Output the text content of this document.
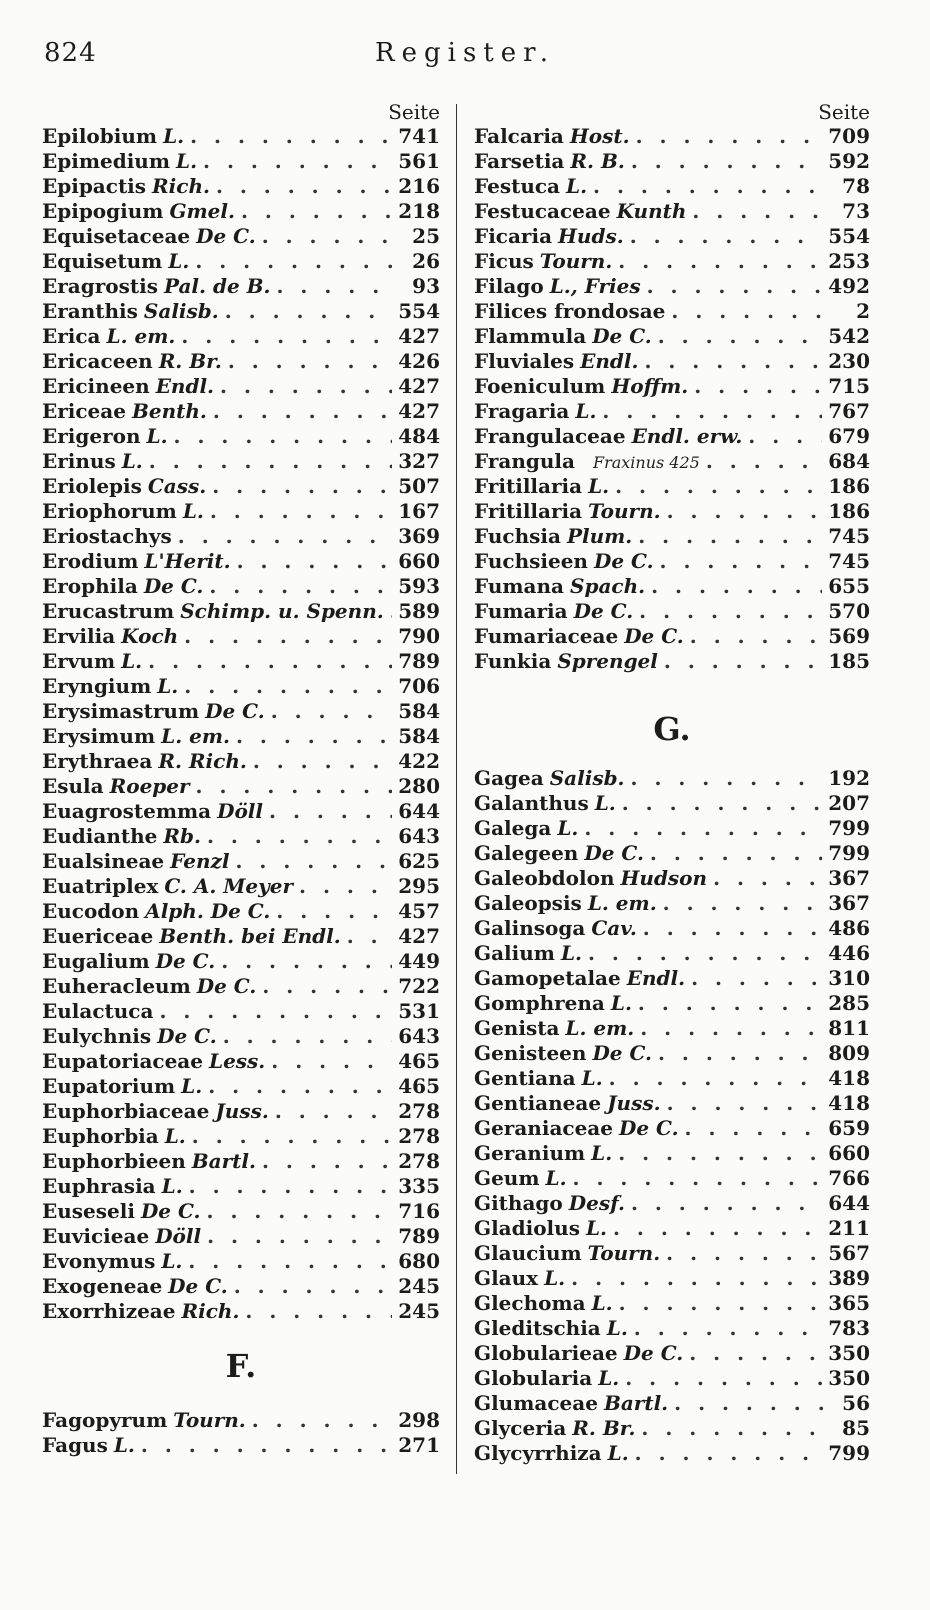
824	Register.
Seite
Epilobium L. . . .	741
Epimedium L. . . .	561
Epipactis Rich. . . .	216
Epipogium Gmel. . . .	218
Equisetaceae De C. . . .	25
Equisetum L. . . .	26
Eragrostis Pal. de B. . . .	93
Eranthis Salisb. . . .	554
Erica L. em. . . .	427
Ericaceen R. Br. . . .	426
Ericineen Endl. . . .	427
Ericeae Benth. . . .	427
Erigeron L. . . .	484
Erinus L. . . .	327
Eriolepis Cass. . . .	507
Eriophorum L. . . .	167
Eriostachys . . .	369
Erodium L'Herit. . . .	660
Erophila De C. . . .	593
Erucastrum Schimp. u. Spenn. . . . 589
Ervilia Koch . . .	790
Ervum L. . . .	789
Eryngium L. . . .	706
Erysimastrum De C. . . .	584
Erysimum L. em. . . .	584
Erythraea R. Rich. . . .	422
Esula Roeper . . .	280
Euagrostemma Döll . . .	644
Eudianthe Rb. . . .	643
Eualsineae Fenzl . . .	625
Euatriplex C. A. Meyer . . .	295
Eucodon Alph. De C. . . .	457
Euericeae Benth. bei Endl. . . .	427
Eugalium De C. . . .	449
Euheracleum De C. . . .	722
Eulactuca . . .	531
Eulychnis De C. . . .	643
Eupatoriaceae Less. . . .	465
Eupatorium L. . . .	465
Euphorbiaceae Juss. . . .	278
Euphorbia L. . . .	278
Euphorbieen Bartl. . . .	278
Euphrasia L. . . .	335
Euseseli De C. . . .	716
Euvicieae Döll . . .	789
Evonymus L. . . .	680
Exogeneae De C. . . .	245
Exorrhizeae Rich. . . .	245
F.
Fagopyrum Tourn. . . .	298
Fagus L. . . .	271
Seite
Falcaria Host. . . .	709
Farsetia R. B. . . .	592
Festuca L. . . .	78
Festucaceae Kunth . . .	73
Ficaria Huds. . . .	554
Ficus Tourn. . . .	253
Filago L., Fries . . .	492
Filices frondosae . . .	2
Flammula De C. . . .	542
Fluviales Endl. . . .	230
Foeniculum Hoffm. . . .	715
Fragaria L. . . .	767
Frangulaceae Endl. erw. . . .	679
Frangula Fraxinus 425 . . .	684
Fritillaria L. . . .	186
Fritillaria Tourn. . . .	186
Fuchsia Plum. . . .	745
Fuchsieen De C. . . .	745
Fumana Spach. . . .	655
Fumaria De C. . . .	570
Fumariaceae De C. . . .	569
Funkia Sprengel . . .	185
G.
Gagea Salisb. . . .	192
Galanthus L. . . .	207
Galega L. . . .	799
Galegeen De C. . . .	799
Galeobdolon Hudson . . .	367
Galeopsis L. em. . . .	367
Galinsoga Cav. . . .	486
Galium L. . . .	446
Gamopetalae Endl. . . .	310
Gomphrena L. . . .	285
Genista L. em. . . .	811
Genisteen De C. . . .	809
Gentiana L. . . .	418
Gentianeae Juss. . . .	418
Geraniaceae De C. . . .	659
Geranium L. . . .	660
Geum L. . . .	766
Githago Desf. . . .	644
Gladiolus L. . . .	211
Glaucium Tourn. . . .	567
Glaux L. . . .	389
Glechoma L. . . .	365
Gleditschia L. . . .	783
Globularieae De C. . . .	350
Globularia L. . . .	350
Glumaceae Bartl. . . .	56
Glyceria R. Br. . . .	85
Glycyrrhiza L. . . .	799
